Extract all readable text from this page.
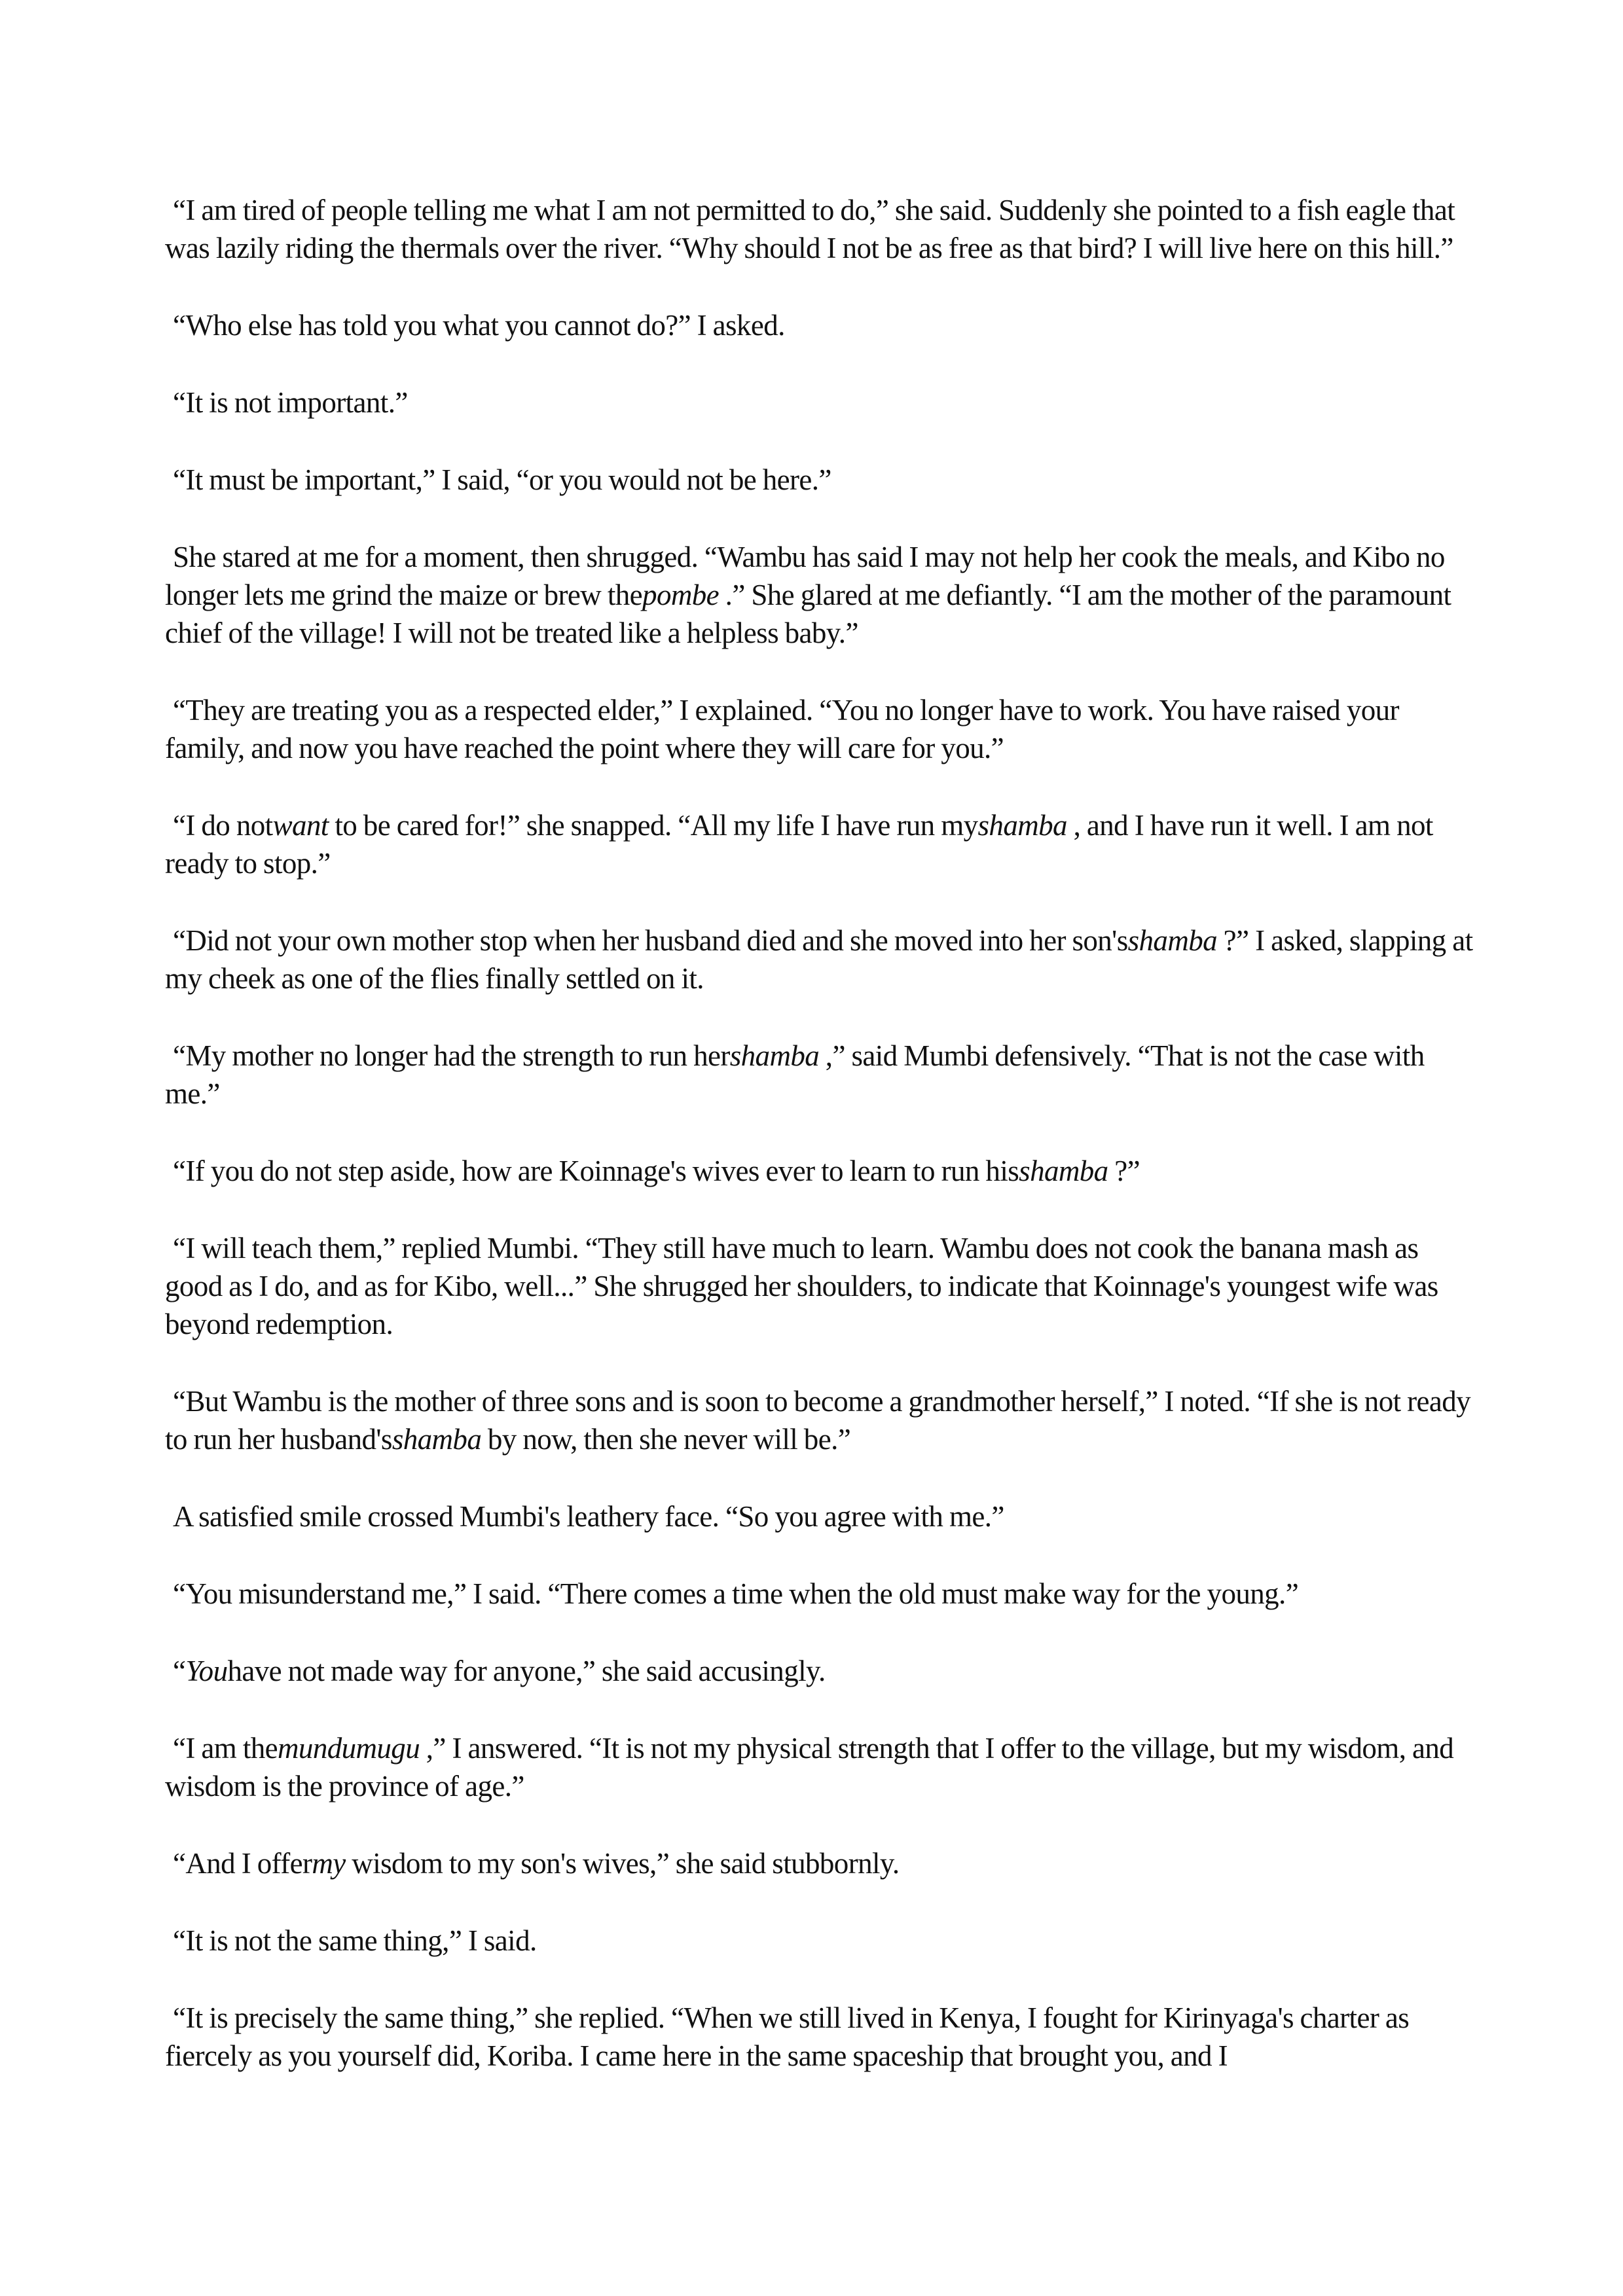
“I am tired of people telling me what I am not permitted to do,” she said. Suddenly she pointed to a fish eagle that was lazily riding the thermals over the river. “Why should I not be as free as that bird? I will live here on this hill.”

“Who else has told you what you cannot do?” I asked.

“It is not important.”

“It must be important,” I said, “or you would not be here.”

She stared at me for a moment, then shrugged. “Wambu has said I may not help her cook the meals, and Kibo no longer lets me grind the maize or brew thepombe .” She glared at me defiantly. “I am the mother of the paramount chief of the village! I will not be treated like a helpless baby.”

“They are treating you as a respected elder,” I explained. “You no longer have to work. You have raised your family, and now you have reached the point where they will care for you.”

“I do notwant to be cared for!” she snapped. “All my life I have run myshamba , and I have run it well. I am not ready to stop.”

“Did not your own mother stop when her husband died and she moved into her son'sshamba ?” I asked, slapping at my cheek as one of the flies finally settled on it.

“My mother no longer had the strength to run hershamba ,” said Mumbi defensively. “That is not the case with me.”

“If you do not step aside, how are Koinnage's wives ever to learn to run hisshamba ?”

“I will teach them,” replied Mumbi. “They still have much to learn. Wambu does not cook the banana mash as good as I do, and as for Kibo, well...” She shrugged her shoulders, to indicate that Koinnage's youngest wife was beyond redemption.

“But Wambu is the mother of three sons and is soon to become a grandmother herself,” I noted. “If she is not ready to run her husband'sshamba by now, then she never will be.”

A satisfied smile crossed Mumbi's leathery face. “So you agree with me.”

“You misunderstand me,” I said. “There comes a time when the old must make way for the young.”

“Youhave not made way for anyone,” she said accusingly.

“I am themundumugu ,” I answered. “It is not my physical strength that I offer to the village, but my wisdom, and wisdom is the province of age.”

“And I offermy wisdom to my son's wives,” she said stubbornly.

“It is not the same thing,” I said.

“It is precisely the same thing,” she replied. “When we still lived in Kenya, I fought for Kirinyaga's charter as fiercely as you yourself did, Koriba. I came here in the same spaceship that brought you, and I
